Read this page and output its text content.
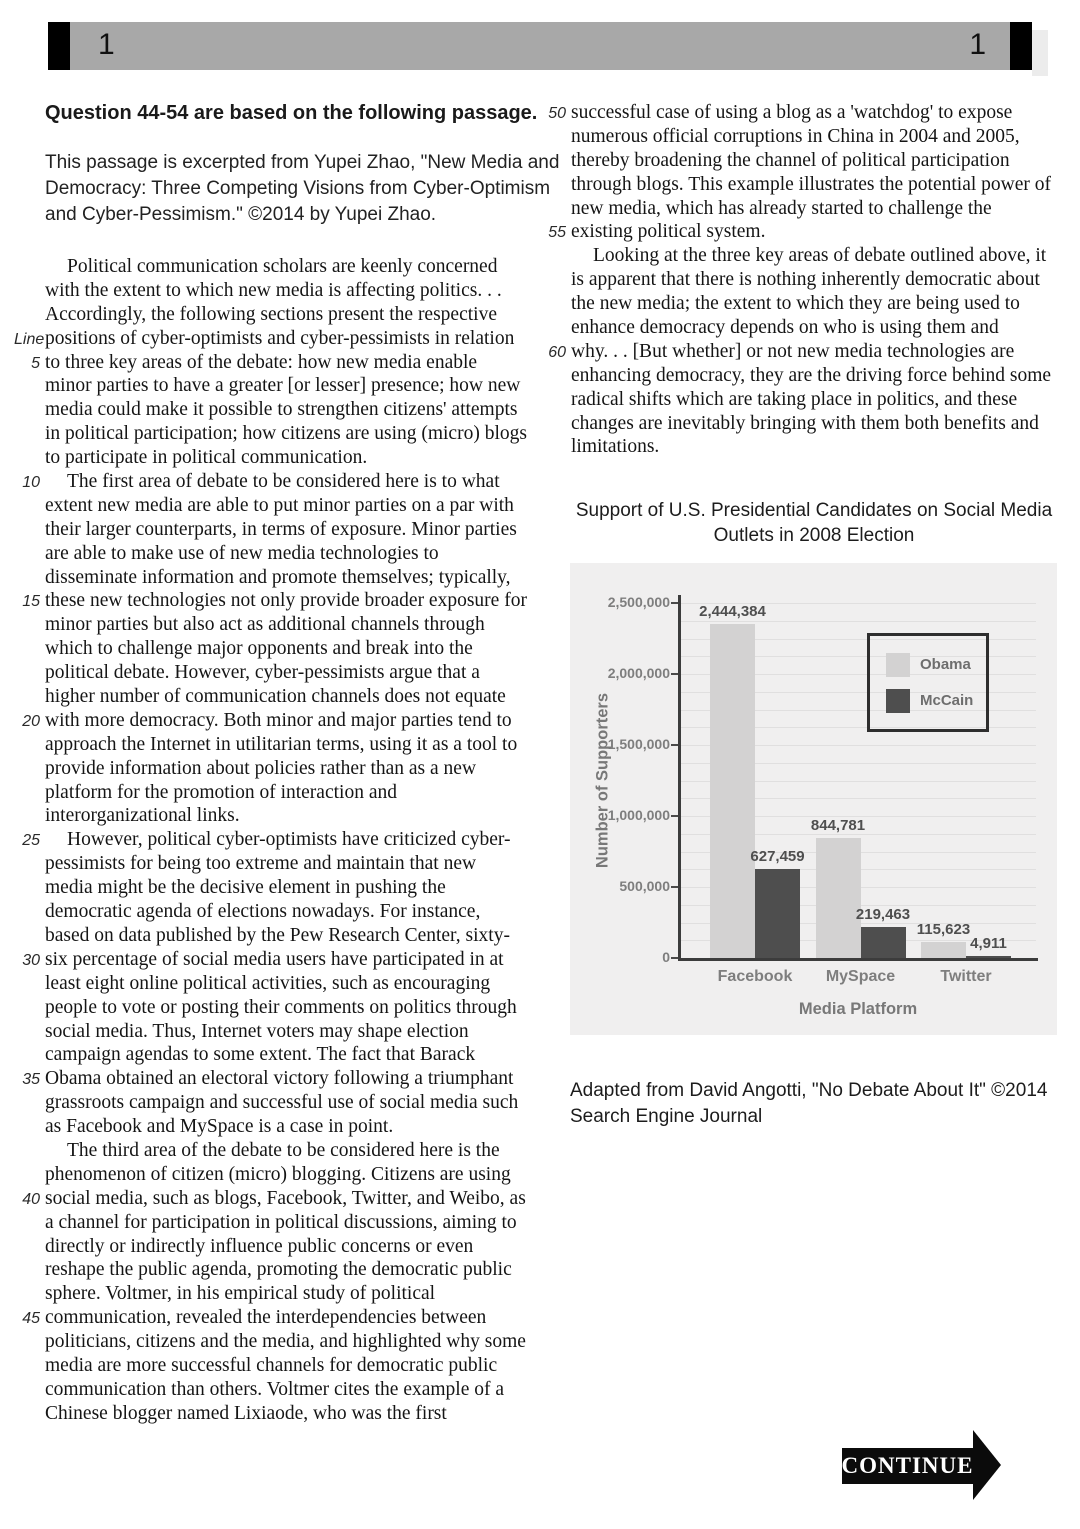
1	1
Question 44-54 are based on the following passage.
This passage is excerpted from Yupei Zhao, "New Media and
Democracy: Three Competing Visions from Cyber-Optimism
and Cyber-Pessimism." ©2014 by Yupei Zhao.
Political communication scholars are keenly concerned
with the extent to which new media is affecting politics. . .
Accordingly, the following sections present the respective
Line positions of cyber-optimists and cyber-pessimists in relation
5 to three key areas of the debate: how new media enable
minor parties to have a greater [or lesser] presence; how new
media could make it possible to strengthen citizens' attempts
in political participation; how citizens are using (micro) blogs
to participate in political communication.
10	The first area of debate to be considered here is to what
extent new media are able to put minor parties on a par with
their larger counterparts, in terms of exposure. Minor parties
are able to make use of new media technologies to
disseminate information and promote themselves; typically,
15 these new technologies not only provide broader exposure for
minor parties but also act as additional channels through
which to challenge major opponents and break into the
political debate. However, cyber-pessimists argue that a
higher number of communication channels does not equate
20 with more democracy. Both minor and major parties tend to
approach the Internet in utilitarian terms, using it as a tool to
provide information about policies rather than as a new
platform for the promotion of interaction and
interorganizational links.
25	However, political cyber-optimists have criticized cyber-
pessimists for being too extreme and maintain that new
media might be the decisive element in pushing the
democratic agenda of elections nowadays. For instance,
based on data published by the Pew Research Center, sixty-
30 six percentage of social media users have participated in at
least eight online political activities, such as encouraging
people to vote or posting their comments on politics through
social media. Thus, Internet voters may shape election
campaign agendas to some extent. The fact that Barack
35 Obama obtained an electoral victory following a triumphant
grassroots campaign and successful use of social media such
as Facebook and MySpace is a case in point.
The third area of the debate to be considered here is the
phenomenon of citizen (micro) blogging. Citizens are using
40 social media, such as blogs, Facebook, Twitter, and Weibo, as
a channel for participation in political discussions, aiming to
directly or indirectly influence public concerns or even
reshape the public agenda, promoting the democratic public
sphere. Voltmer, in his empirical study of political
45 communication, revealed the interdependencies between
politicians, citizens and the media, and highlighted why some
media are more successful channels for democratic public
communication than others. Voltmer cites the example of a
Chinese blogger named Lixiaode, who was the first
50 successful case of using a blog as a 'watchdog' to expose
numerous official corruptions in China in 2004 and 2005,
thereby broadening the channel of political participation
through blogs. This example illustrates the potential power of
new media, which has already started to challenge the
55 existing political system.
Looking at the three key areas of debate outlined above, it
is apparent that there is nothing inherently democratic about
the new media; the extent to which they are being used to
enhance democracy depends on who is using them and
60 why. . . [But whether] or not new media technologies are
enhancing democracy, they are the driving force behind some
radical shifts which are taking place in politics, and these
changes are inevitably bringing with them both benefits and
limitations.
Support of U.S. Presidential Candidates on Social Media
Outlets in 2008 Election
2,500,000
2,000,000
1,500,000
1,000,000
500,000
0
2,444,384
627,459
Facebook
844,781
219,463
MySpace
115,623
4,911
Twitter
Number of Supporters
Media Platform
Obama
McCain
Adapted from David Angotti, "No Debate About It" ©2014
Search Engine Journal
CONTINUE
